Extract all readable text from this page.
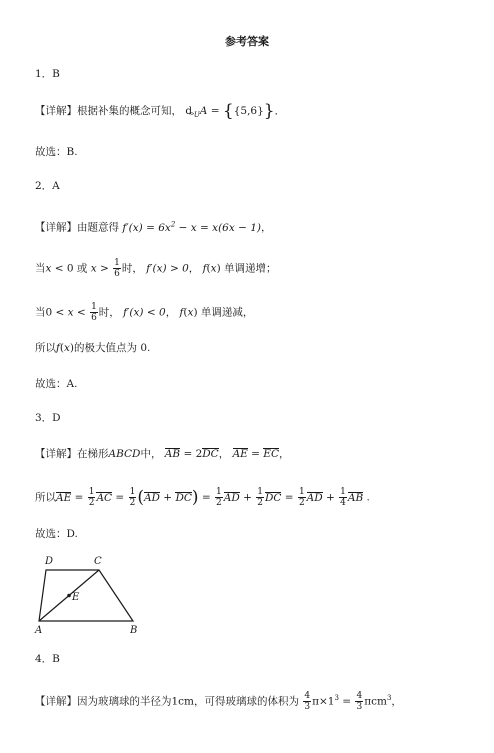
参考答案
1．B
【详解】根据补集的概念可知， $ȡ_UA = \{\{5,6\}\}$．
故选：B.
2．A
【详解】由题意得 $f'(x) = 6x^2 - x = x(6x - 1)$，
当x < 0 或 $x > \frac{1}{6}$ 时， f′(x) > 0， f(x) 单调递增；
当$0 < x < \frac{1}{6}$ 时， f′(x) < 0， f(x) 单调递减，
所以f(x)的极大值点为 0.
故选：A.
3．D
【详解】在梯形ABCD中， AB = 2DC， AE = EC，
所以AE = $\frac{1}{2}$ AC = $\frac{1}{2} (AD + DC) = \frac{1}{2}$ AD + $\frac{1}{2}$ DC = $\frac{1}{2}$ AD + $\frac{1}{4}$ AB .
故选：D.
D	C
E
A	B
4．B
【详解】因为玻璃球的半径为1cm，可得玻璃球的体积为 $\frac{4}{3} \pi\times 1^3 = \frac{4}{3} \pi cm^3$，
